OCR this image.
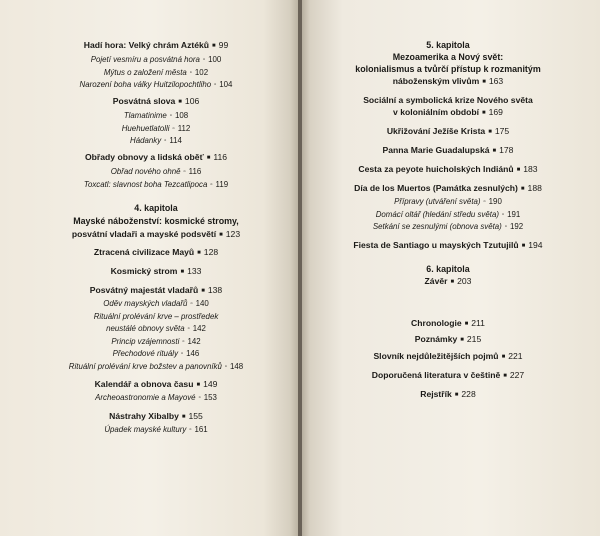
Hadí hora: Velký chrám Aztéků ■ 99
Pojetí vesmíru a posvátná hora ▫ 100
Mýtus o založení města ▫ 102
Narození boha války Huitzilopochtliho ▫ 104
Posvátná slova ■ 106
Tlamatinime ▫ 108
Huehuetlatolli ▫ 112
Hádanky ▫ 114
Obřady obnovy a lidská oběť ■ 116
Obřad nového ohně ▫ 116
Toxcatl: slavnost boha Tezcatlipoca ▫ 119
4. kapitola
Mayské náboženství: kosmické stromy,
posvátní vladaři a mayské podsvětí ■ 123
Ztracená civilizace Mayů ■ 128
Kosmický strom ■ 133
Posvátný majestát vladařů ■ 138
Oděv mayských vladařů ▫ 140
Rituální prolévání krve – prostředek
neustálé obnovy světa ▫ 142
Princip vzájemnosti ▫ 142
Přechodové rituály ▫ 146
Rituální prolévání krve božstev a panovníků ▫ 148
Kalendář a obnova času ■ 149
Archeoastronomie a Mayové ▫ 153
Nástrahy Xibalby ■ 155
Úpadek mayské kultury ▫ 161
5. kapitola
Mezoamerika a Nový svět:
kolonialismus a tvůrčí přístup k rozmanitým
náboženským vlivům ■ 163
Sociální a symbolická krize Nového světa
v koloniálním období ■ 169
Ukřižování Ježíše Krista ■ 175
Panna Marie Guadalupská ■ 178
Cesta za peyote huicholských Indiánů ■ 183
Día de los Muertos (Památka zesnulých) ■ 188
Přípravy (utváření světa) ▫ 190
Domácí oltář (hledání středu světa) ▫ 191
Setkání se zesnulými (obnova světa) ▫ 192
Fiesta de Santiago u mayských Tzutujilů ■ 194
6. kapitola
Závěr ■ 203
Chronologie ■ 211
Poznámky ■ 215
Slovník nejdůležitějších pojmů ■ 221
Doporučená literatura v češtině ■ 227
Rejstřík ■ 228
